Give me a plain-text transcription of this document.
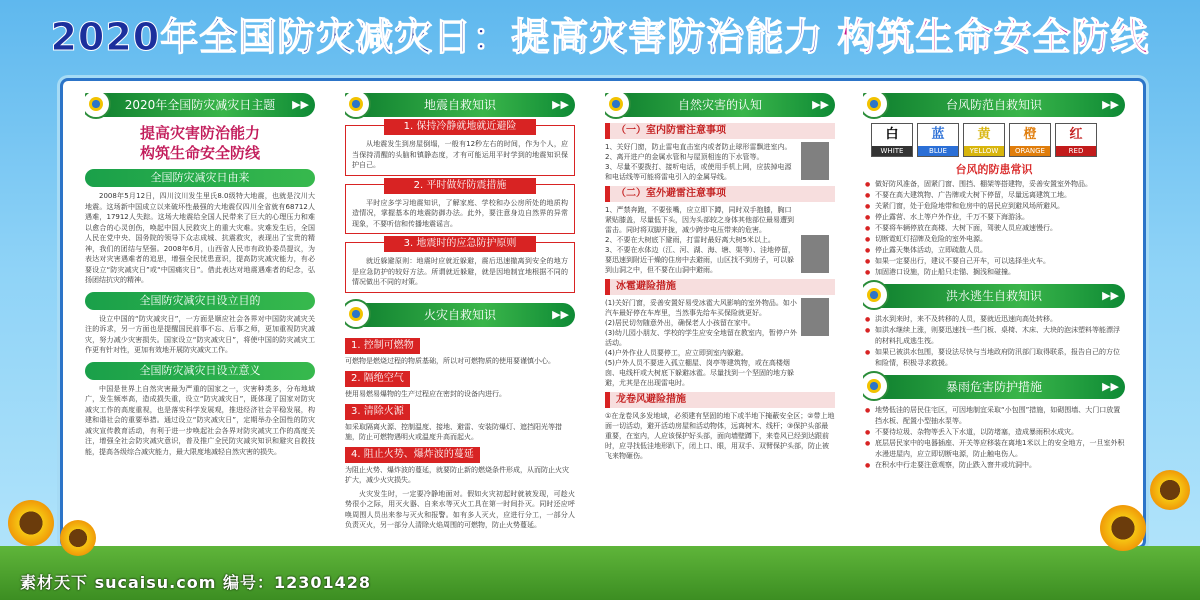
2020年全国防灾减灾日：提高灾害防治能力 构筑生命安全防线
2020年全国防灾减灾日主题 ▶▶
提高灾害防治能力
构筑生命安全防线
全国防灾减灾日由来
2008年5月12日，四川汶川发生里氏8.0级特大地震，也就是汶川大地震。这场新中国成立以来破坏性最强的大地震仅四川全省就有68712人遇难，17912人失踪。这场大地震给全国人民带来了巨大的心理压力和难以愈合的心灵创伤，唤起中国人民救灾上的重大灾难。灾难发生后，全国人民在党中央、国务院的领导下众志成城、抗震救灾，表现出了宝贵的精神，我们的团结与坚强。2008年6月，山西省人民市有政协委员提议，为表达对灾害遇难者的追思，增强全民忧患意识，提高防灾减灾能力，有必要设立“防灾减灾日”或“中国痛灾日”。借此表达对地震遇难者的纪念，弘扬团结抗灾的精神。
全国防灾减灾日设立目的
设立中国的“防灾减灾日”，一方面是顺应社会各界对中国防灾减灾关注的诉求，另一方面也是提醒国民前事不忘、后事之师，更加重视防灾减灾，努力减少灾害损失。国家设立“防灾减灾日”，将使中国的防灾减灾工作更有针对性，更加有效地开展防灾减灾工作。
全国防灾减灾日设立意义
中国是世界上自然灾害最为严重的国家之一，灾害种类多，分布地域广，发生频率高，造成损失重，设立“防灾减灾日”，既体现了国家对防灾减灾工作的高度重视，也是落实科学发展观，推进经济社会平稳发展，构建和谐社会的重要举措。通过设立“防灾减灾日”，定期举办全国性的防灾减灾宣传教育活动，有利于进一步唤起社会各界对防灾减灾工作的高度关注，增强全社会防灾减灾意识，普及推广全民防灾减灾知识和避灾自救技能，提高各级综合减灾能力，最大限度地减轻自然灾害的损失。
地震自救知识	▶▶
1. 保持冷静就地就近避险
从地震发生到房屋倒塌，一般有12秒左右的时间，作为个人，应当保持清醒的头脑和镇静态度，才有可能运用平时学到的地震知识保护自己。
2. 平时做好防震措施
平时应多学习地震知识，了解家庭、学校和办公房所处的地质构造情况，掌握基本的地震防御办法。此外，要注意身边自然界的异常现象，不要听信和传播地震谣言。
3. 地震时的应急防护原则
就近躲避原则：地震时应就近躲避，震后迅速撤离到安全的地方是应急防护的较好方法。所谓就近躲避，就是因地制宜地根据不同的情况做出不同的对策。
火灾自救知识	▶▶
1. 控制可燃物
可燃物是燃烧过程的物质基础，所以对可燃物质的使用要谨慎小心。
2. 隔绝空气
使用易燃易爆物的生产过程应在密封的设备内进行。
3. 清除火源
如采取隔离火源、控制温度、接地、避雷、安装防爆灯、遮挡阳光等措施，防止可燃物遇明火或温度升高而起火。
4. 阻止火势、爆炸波的蔓延
为阻止火势、爆炸波的蔓延，就要防止新的燃烧条件形成，从而防止火灾扩大，减少火灾损失。
火灾发生时，一定要冷静地面对。假如火灾初起时就被发现，可趁火势很小之际，用灭火器、自来水等灭火工具在第一时间扑灭。同时还应呼唤周围人员出来参与灭火和报警。如有多人灭火，应进行分工，一部分人负责灭火，另一部分人清除火焰周围的可燃物，防止火势蔓延。
自然灾害的认知	▶▶
（一）室内防雷注意事项
1、关好门窗，防止雷电直击室内或者防止球形雷飘进室内。
2、离开进户的金属水管和与屋顶相连的下水管等。
3、尽量不要拨打、接听电话，或使用手机上网，应拔掉电源和电话线等可能将雷电引入的金属导线。
（二）室外避雷注意事项
1、严禁奔跑，不要张嘴，应立即下蹲，同时双手抱膝，胸口紧贴膝盖，尽量低下头，因为头部较之身体其他部位最易遭到雷击。同时将双脚并拢，减少跨步电压带来的危害。
2、不要在大树底下避雨，打雷时最好离大树5米以上。
3、不要在水体边（江、河、湖、海、塘、渠等）、洼地停留，要迅速到附近干燥的住房中去避雨，山区找不到房子，可以躲到山洞之中，但不要在山洞中避雨。
冰雹避险措施
(1)关好门窗，妥善安置好易受冰雹大风影响的室外物品。如小汽车最好停在车库里，当然事先给车买保险就更好。
(2)居民切勿随意外出，确保老人小孩留在家中。
(3)幼儿园小朋友、学校的学生应安全地留在教室内，暂停户外活动。
(4)户外作业人员要停工，应立即到室内躲避。
(5)户外人员不要进入孤立棚屋、岗亭等建筑物，或在高楼烟囱、电线杆或大树底下躲避冰雹。尽量找到一个坚固的地方躲避，尤其是在出现雷电时。
龙卷风避险措施
①在龙卷风多发地域，必须建有坚固的地下或半地下掩蔽安全区；②带上地面一切活动，避开活动房屋和活动物体，远离树木、线杆；③保护头部最重要，在室内，人应该保护好头部，面向墙壁蹲下，来卷风已经到达跟前时，应寻找低洼地形趴下，闭上口、眼，用双手、双臂保护头部，防止被飞来物砸伤。
台风防范自救知识	▶▶
白
WHITE
蓝
BLUE
黄
YELLOW
橙
ORANGE
红
RED
台风的防患常识
● 做好防风准备，固紧门窗、围挡、棚架等搭建物，妥善安置室外物品。
● 不要在高大建筑物、广告牌或大树下停留，尽量远离建筑工地。
● 关紧门窗，处于危险地带和危房中的居民应到避风场所避风。
● 停止露营、水上等户外作业，千万不要下海游泳。
● 不要将车辆停放在高楼、大树下面，驾驶人员应减速慢行。
● 切断霓虹灯招牌及危险的室外电源。
● 停止露天集体活动，立即疏散人员。
● 如果一定要出行，建议不要自己开车，可以选择坐火车。
● 加固港口设施，防止船只走锚、搁浅和碰撞。
洪水逃生自救知识	▶▶
● 洪水到来时，来不及转移的人员，要就近迅速向高处转移。
● 如洪水继续上涨，则要迅速找一些门板、桌椅、木床、大块的泡沫塑料等能漂浮的材料扎成逃生筏。
● 如果已被洪水包围，要设法尽快与当地政府防汛部门取得联系，报告自己的方位和险情，积极寻求救援。
暴雨危害防护措施	▶▶
● 地势低洼的居民住宅区，可因地制宜采取“小包围”措施，如砌围墙、大门口放置挡水板、配置小型抽水泵等。
● 不要待垃圾、杂物等丢入下水道，以防堵塞，造成暴雨积水成灾。
● 底层居民家中的电器插座、开关等应移装在离地1米以上的安全地方，一旦室外积水漫进屋内，应立即切断电源，防止触电伤人。
● 在积水中行走要注意观察，防止跌入窨井或坑洞中。
素材天下 sucaisu.com 编号：12301428
